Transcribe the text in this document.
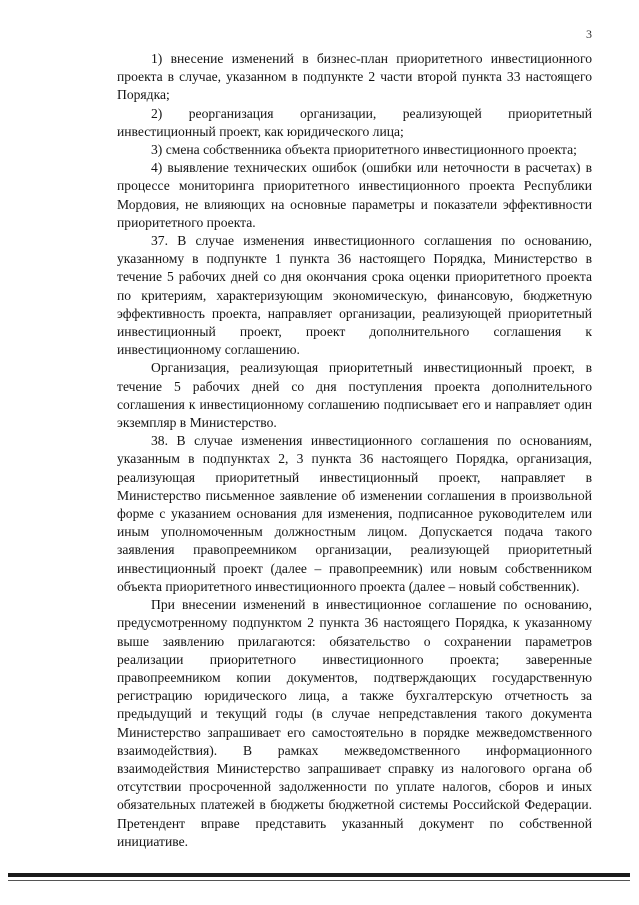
3

1) внесение изменений в бизнес-план приоритетного инвестиционного проекта в случае, указанном в подпункте 2 части второй пункта 33 настоящего Порядка;

2) реорганизация организации, реализующей приоритетный инвестиционный проект, как юридического лица;

3) смена собственника объекта приоритетного инвестиционного проекта;

4) выявление технических ошибок (ошибки или неточности в расчетах) в процессе мониторинга приоритетного инвестиционного проекта Республики Мордовия, не влияющих на основные параметры и показатели эффективности приоритетного проекта.

37. В случае изменения инвестиционного соглашения по основанию, указанному в подпункте 1 пункта 36 настоящего Порядка, Министерство в течение 5 рабочих дней со дня окончания срока оценки приоритетного проекта по критериям, характеризующим экономическую, финансовую, бюджетную эффективность проекта, направляет организации, реализующей приоритетный инвестиционный проект, проект дополнительного соглашения к инвестиционному соглашению.

Организация, реализующая приоритетный инвестиционный проект, в течение 5 рабочих дней со дня поступления проекта дополнительного соглашения к инвестиционному соглашению подписывает его и направляет один экземпляр в Министерство.

38. В случае изменения инвестиционного соглашения по основаниям, указанным в подпунктах 2, 3 пункта 36 настоящего Порядка, организация, реализующая приоритетный инвестиционный проект, направляет в Министерство письменное заявление об изменении соглашения в произвольной форме с указанием основания для изменения, подписанное руководителем или иным уполномоченным должностным лицом. Допускается подача такого заявления правопреемником организации, реализующей приоритетный инвестиционный проект (далее – правопреемник) или новым собственником объекта приоритетного инвестиционного проекта (далее – новый собственник).

При внесении изменений в инвестиционное соглашение по основанию, предусмотренному подпунктом 2 пункта 36 настоящего Порядка, к указанному выше заявлению прилагаются: обязательство о сохранении параметров реализации приоритетного инвестиционного проекта; заверенные правопреемником копии документов, подтверждающих государственную регистрацию юридического лица, а также бухгалтерскую отчетность за предыдущий и текущий годы (в случае непредставления такого документа Министерство запрашивает его самостоятельно в порядке межведомственного взаимодействия). В рамках межведомственного информационного взаимодействия Министерство запрашивает справку из налогового органа об отсутствии просроченной задолженности по уплате налогов, сборов и иных обязательных платежей в бюджеты бюджетной системы Российской Федерации. Претендент вправе представить указанный документ по собственной инициативе.
